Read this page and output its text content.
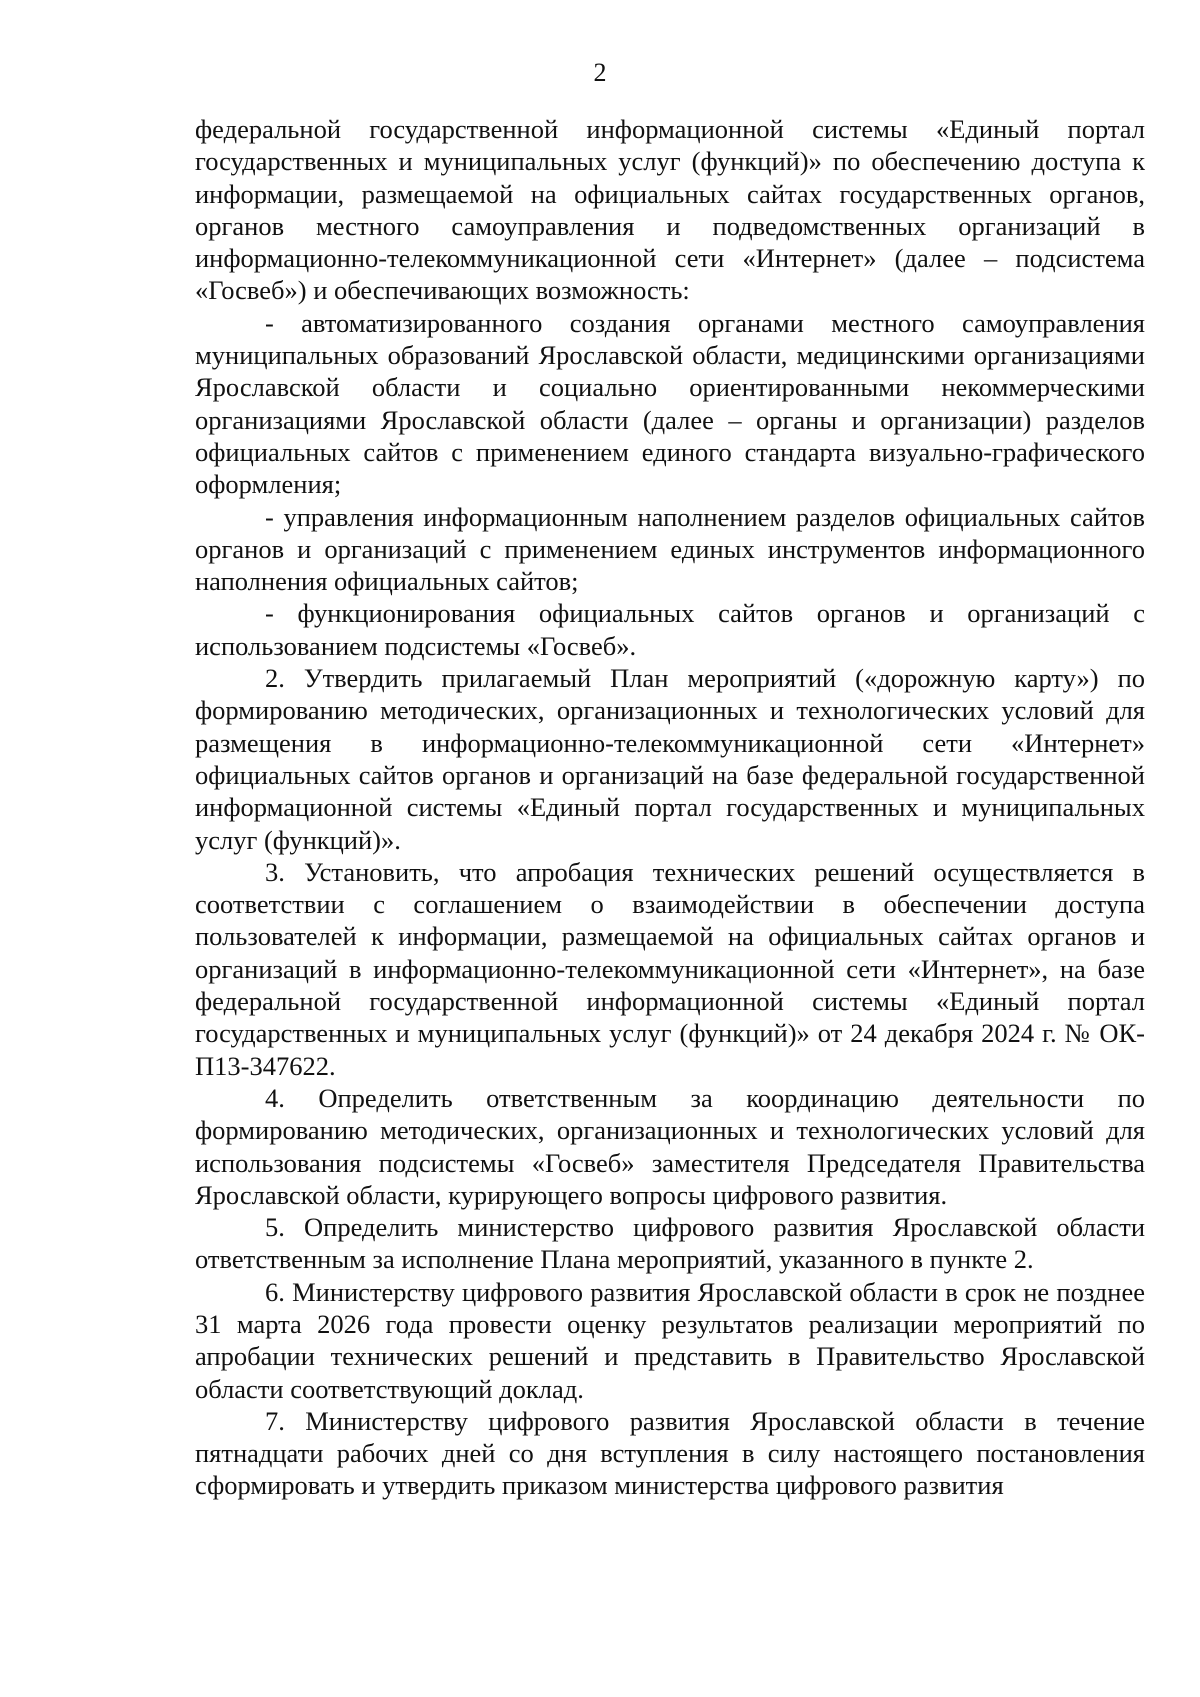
2

федеральной государственной информационной системы «Единый портал государственных и муниципальных услуг (функций)» по обеспечению доступа к информации, размещаемой на официальных сайтах государственных органов, органов местного самоуправления и подведомственных организаций в информационно-телекоммуникационной сети «Интернет» (далее – подсистема «Госвеб») и обеспечивающих возможность:

- автоматизированного создания органами местного самоуправления муниципальных образований Ярославской области, медицинскими организациями Ярославской области и социально ориентированными некоммерческими организациями Ярославской области (далее – органы и организации) разделов официальных сайтов с применением единого стандарта визуально-графического оформления;

- управления информационным наполнением разделов официальных сайтов органов и организаций с применением единых инструментов информационного наполнения официальных сайтов;

- функционирования официальных сайтов органов и организаций с использованием подсистемы «Госвеб».

2. Утвердить прилагаемый План мероприятий («дорожную карту») по формированию методических, организационных и технологических условий для размещения в информационно-телекоммуникационной сети «Интернет» официальных сайтов органов и организаций на базе федеральной государственной информационной системы «Единый портал государственных и муниципальных услуг (функций)».

3. Установить, что апробация технических решений осуществляется в соответствии с соглашением о взаимодействии в обеспечении доступа пользователей к информации, размещаемой на официальных сайтах органов и организаций в информационно-телекоммуникационной сети «Интернет», на базе федеральной государственной информационной системы «Единый портал государственных и муниципальных услуг (функций)» от 24 декабря 2024 г. № ОК-П13-347622.

4. Определить ответственным за координацию деятельности по формированию методических, организационных и технологических условий для использования подсистемы «Госвеб» заместителя Председателя Правительства Ярославской области, курирующего вопросы цифрового развития.

5. Определить министерство цифрового развития Ярославской области ответственным за исполнение Плана мероприятий, указанного в пункте 2.

6. Министерству цифрового развития Ярославской области в срок не позднее 31 марта 2026 года провести оценку результатов реализации мероприятий по апробации технических решений и представить в Правительство Ярославской области соответствующий доклад.

7. Министерству цифрового развития Ярославской области в течение пятнадцати рабочих дней со дня вступления в силу настоящего постановления сформировать и утвердить приказом министерства цифрового развития
